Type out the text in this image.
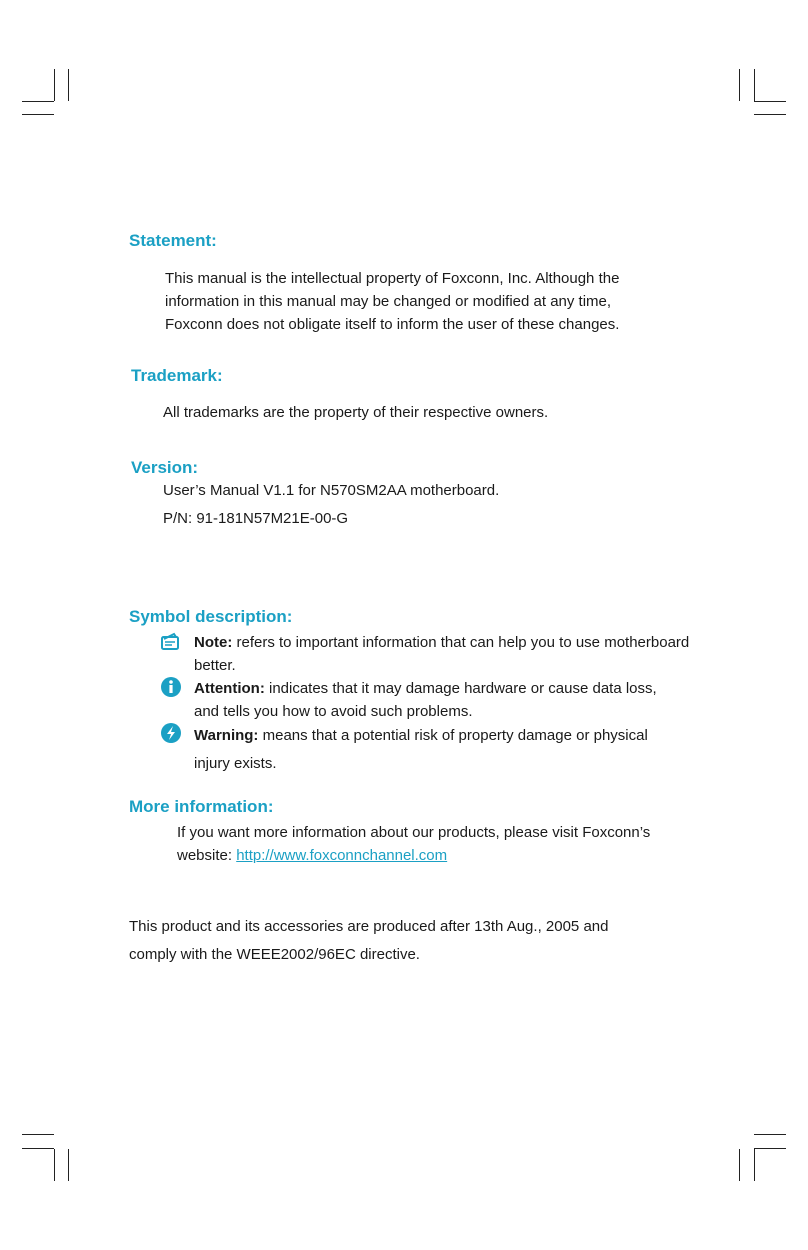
Statement:

This manual is the intellectual property of Foxconn, Inc. Although the
information in this manual may be changed or modified at any time,
Foxconn does not obligate itself to inform the user of these changes.

Trademark:

All trademarks are the property of their respective owners.

Version:

User’s Manual V1.1 for N570SM2AA motherboard.

P/N: 91-181N57M21E-00-G

Symbol description:
Note: refers to important information that can help you to use motherboard
better.
Attention: indicates that it may damage hardware or cause data loss,
and tells you how to avoid such problems.
Warning: means that a potential risk of property damage or physical
injury exists.
More information:

If you want more information about our products, please visit Foxconn’s
website: http://www.foxconnchannel.com

This product and its accessories are produced after 13th Aug., 2005 and
comply with the WEEE2002/96EC directive.
